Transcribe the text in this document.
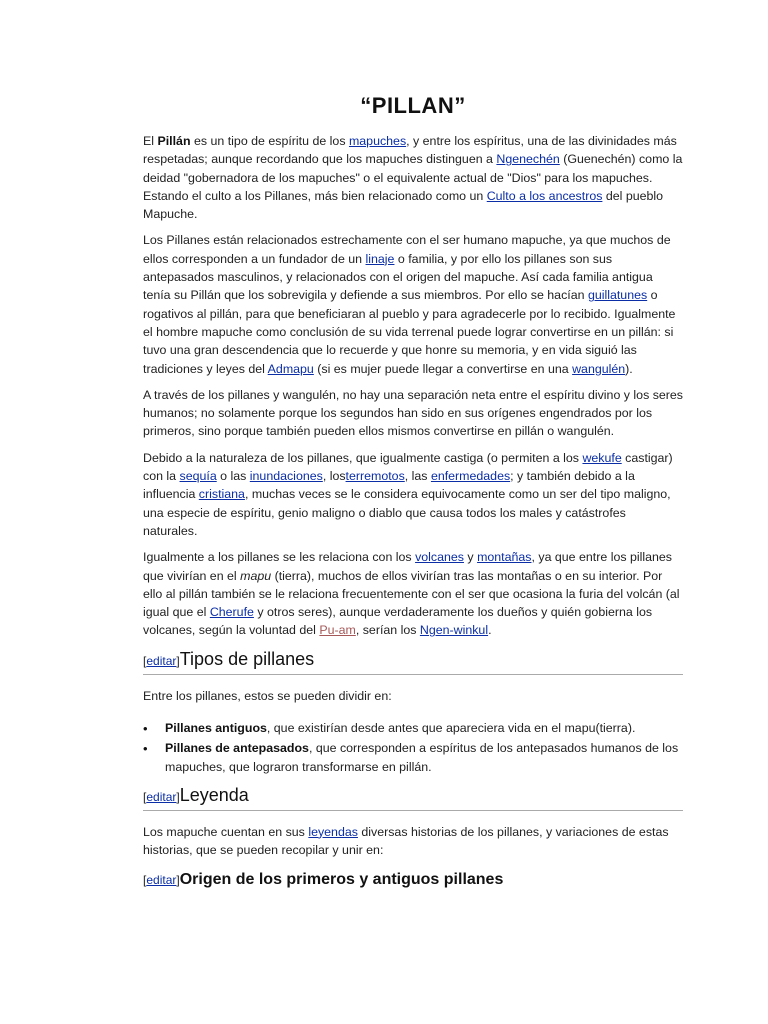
“PILLAN”

El Pillán es un tipo de espíritu de los mapuches, y entre los espíritus, una de las divinidades más respetadas; aunque recordando que los mapuches distinguen a Ngenechén (Guenechén) como la deidad "gobernadora de los mapuches" o el equivalente actual de "Dios" para los mapuches. Estando el culto a los Pillanes, más bien relacionado como un Culto a los ancestros del pueblo Mapuche.

Los Pillanes están relacionados estrechamente con el ser humano mapuche, ya que muchos de ellos corresponden a un fundador de un linaje o familia, y por ello los pillanes son sus antepasados masculinos, y relacionados con el origen del mapuche. Así cada familia antigua tenía su Pillán que los sobrevigila y defiende a sus miembros. Por ello se hacían guillatunes o rogativos al pillán, para que beneficiaran al pueblo y para agradecerle por lo recibido. Igualmente el hombre mapuche como conclusión de su vida terrenal puede lograr convertirse en un pillán: si tuvo una gran descendencia que lo recuerde y que honre su memoria, y en vida siguió las tradiciones y leyes del Admapu (si es mujer puede llegar a convertirse en una wangulén).

A través de los pillanes y wangulén, no hay una separación neta entre el espíritu divino y los seres humanos; no solamente porque los segundos han sido en sus orígenes engendrados por los primeros, sino porque también pueden ellos mismos convertirse en pillán o wangulén.

Debido a la naturaleza de los pillanes, que igualmente castiga (o permiten a los wekufe castigar) con la sequía o las inundaciones, losterremotos, las enfermedades; y también debido a la influencia cristiana, muchas veces se le considera equivocamente como un ser del tipo maligno, una especie de espíritu, genio maligno o diablo que causa todos los males y catástrofes naturales.

Igualmente a los pillanes se les relaciona con los volcanes y montañas, ya que entre los pillanes que vivirían en el mapu (tierra), muchos de ellos vivirían tras las montañas o en su interior. Por ello al pillán también se le relaciona frecuentemente con el ser que ocasiona la furia del volcán (al igual que el Cherufe y otros seres), aunque verdaderamente los dueños y quién gobierna los volcanes, según la voluntad del Pu-am, serían los Ngen-winkul.

[editar]Tipos de pillanes

Entre los pillanes, estos se pueden dividir en:

• Pillanes antiguos, que existirían desde antes que apareciera vida en el mapu(tierra).
• Pillanes de antepasados, que corresponden a espíritus de los antepasados humanos de los mapuches, que lograron transformarse en pillán.
[editar]Leyenda

Los mapuche cuentan en sus leyendas diversas historias de los pillanes, y variaciones de estas historias, que se pueden recopilar y unir en:

[editar]Origen de los primeros y antiguos pillanes
